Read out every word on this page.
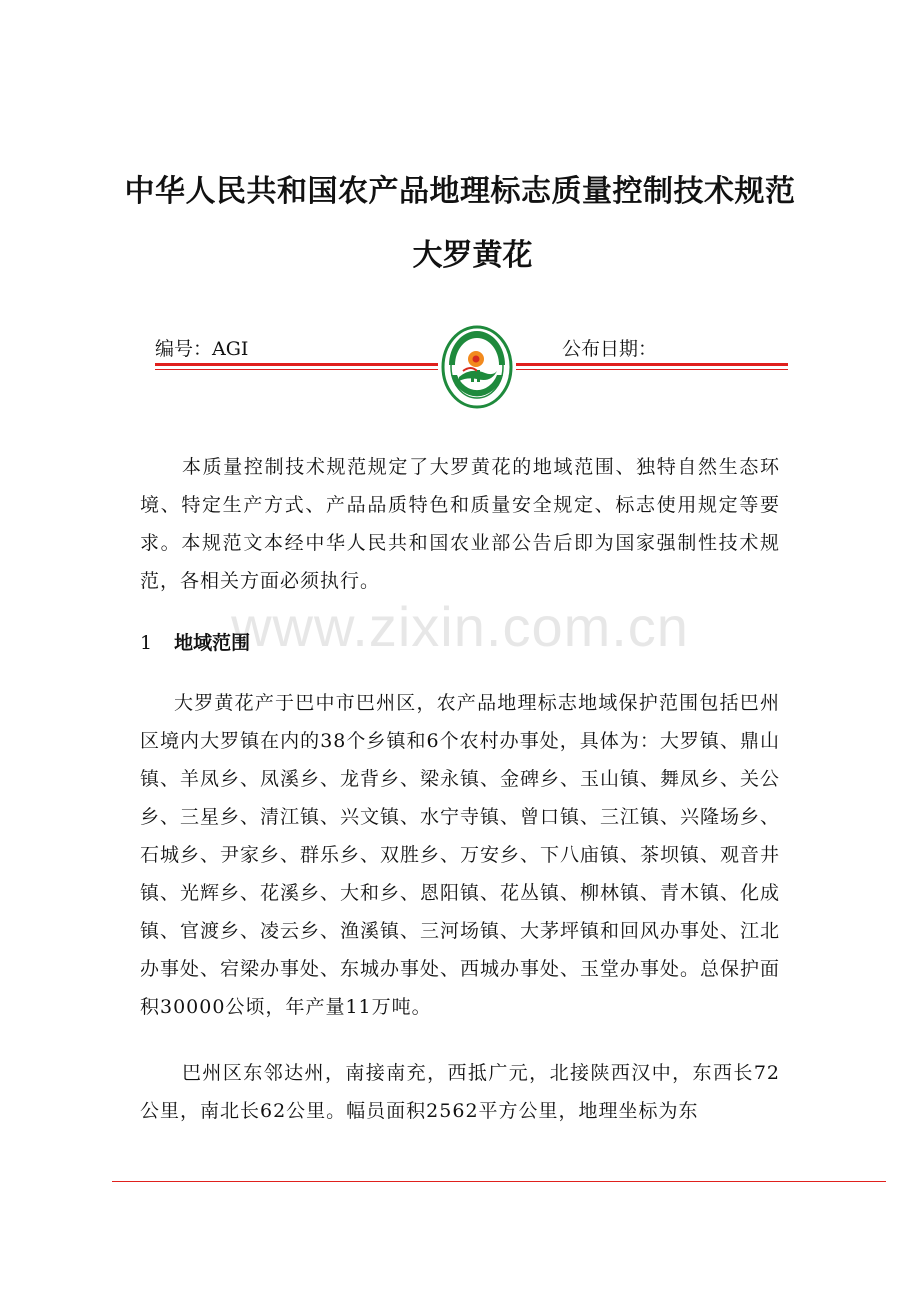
中华人民共和国农产品地理标志质量控制技术规范
大罗黄花
编号：AGI	公布日期：

本质量控制技术规范规定了大罗黄花的地域范围、独特自然生态环境、特定生产方式、产品品质特色和质量安全规定、标志使用规定等要求。本规范文本经中华人民共和国农业部公告后即为国家强制性技术规范，各相关方面必须执行。

www.zixin.com.cn
1 地域范围

大罗黄花产于巴中市巴州区，农产品地理标志地域保护范围包括巴州区境内大罗镇在内的38个乡镇和6个农村办事处，具体为：大罗镇、鼎山镇、羊凤乡、凤溪乡、龙背乡、梁永镇、金碑乡、玉山镇、舞凤乡、关公乡、三星乡、清江镇、兴文镇、水宁寺镇、曾口镇、三江镇、兴隆场乡、石城乡、尹家乡、群乐乡、双胜乡、万安乡、下八庙镇、茶坝镇、观音井镇、光辉乡、花溪乡、大和乡、恩阳镇、花丛镇、柳林镇、青木镇、化成镇、官渡乡、凌云乡、渔溪镇、三河场镇、大茅坪镇和回风办事处、江北办事处、宕梁办事处、东城办事处、西城办事处、玉堂办事处。总保护面积30000公顷，年产量11万吨。

巴州区东邻达州，南接南充，西抵广元，北接陕西汉中，东西长72公里，南北长62公里。幅员面积2562平方公里，地理坐标为东
